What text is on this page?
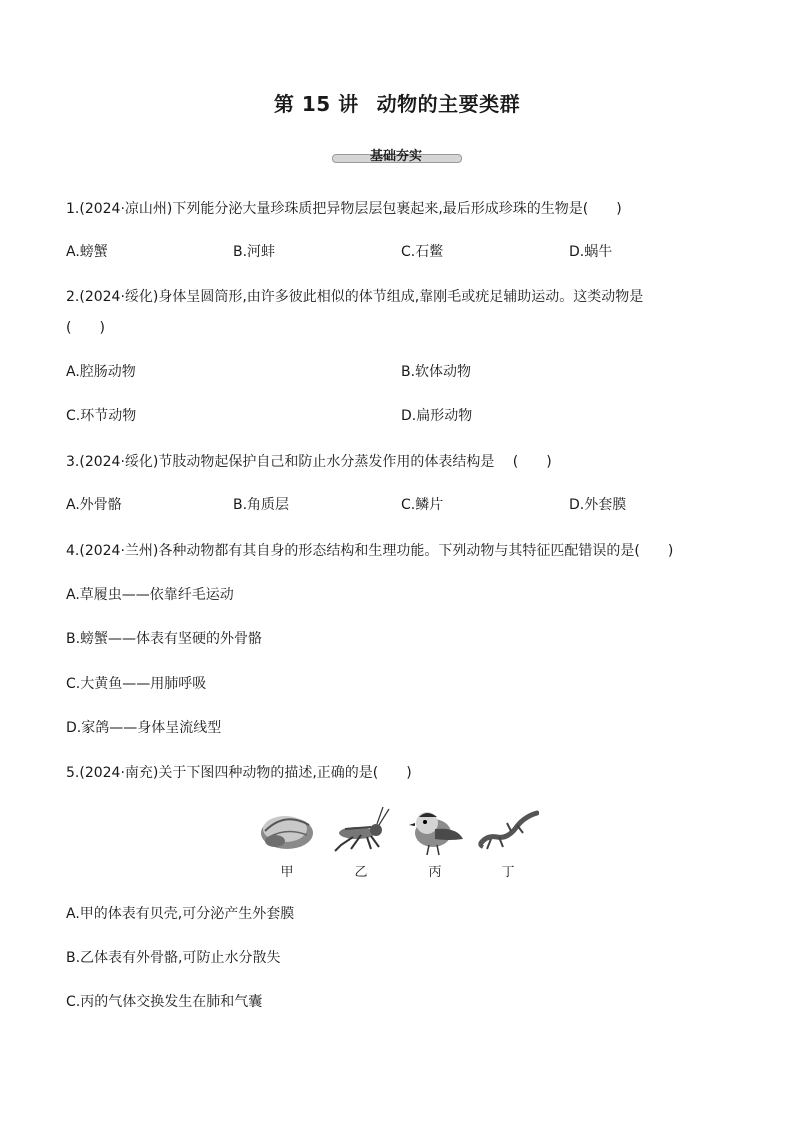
第 15 讲 动物的主要类群
基础夯实
1.(2024·凉山州)下列能分泌大量珍珠质把异物层层包裹起来,最后形成珍珠的生物是(　　)
A.螃蟹	B.河蚌	C.石鳖	D.蜗牛
2.(2024·绥化)身体呈圆筒形,由许多彼此相似的体节组成,靠刚毛或疣足辅助运动。这类动物是
(　　)
A.腔肠动物	B.软体动物
C.环节动物	D.扁形动物
3.(2024·绥化)节肢动物起保护自己和防止水分蒸发作用的体表结构是　 (　　)
A.外骨骼	B.角质层	C.鳞片	D.外套膜
4.(2024·兰州)各种动物都有其自身的形态结构和生理功能。下列动物与其特征匹配错误的是(　　)
A.草履虫——依靠纤毛运动
B.螃蟹——体表有坚硬的外骨骼
C.大黄鱼——用肺呼吸
D.家鸽——身体呈流线型
5.(2024·南充)关于下图四种动物的描述,正确的是(　　)
甲	乙	丙	丁
A.甲的体表有贝壳,可分泌产生外套膜
B.乙体表有外骨骼,可防止水分散失
C.丙的气体交换发生在肺和气囊
